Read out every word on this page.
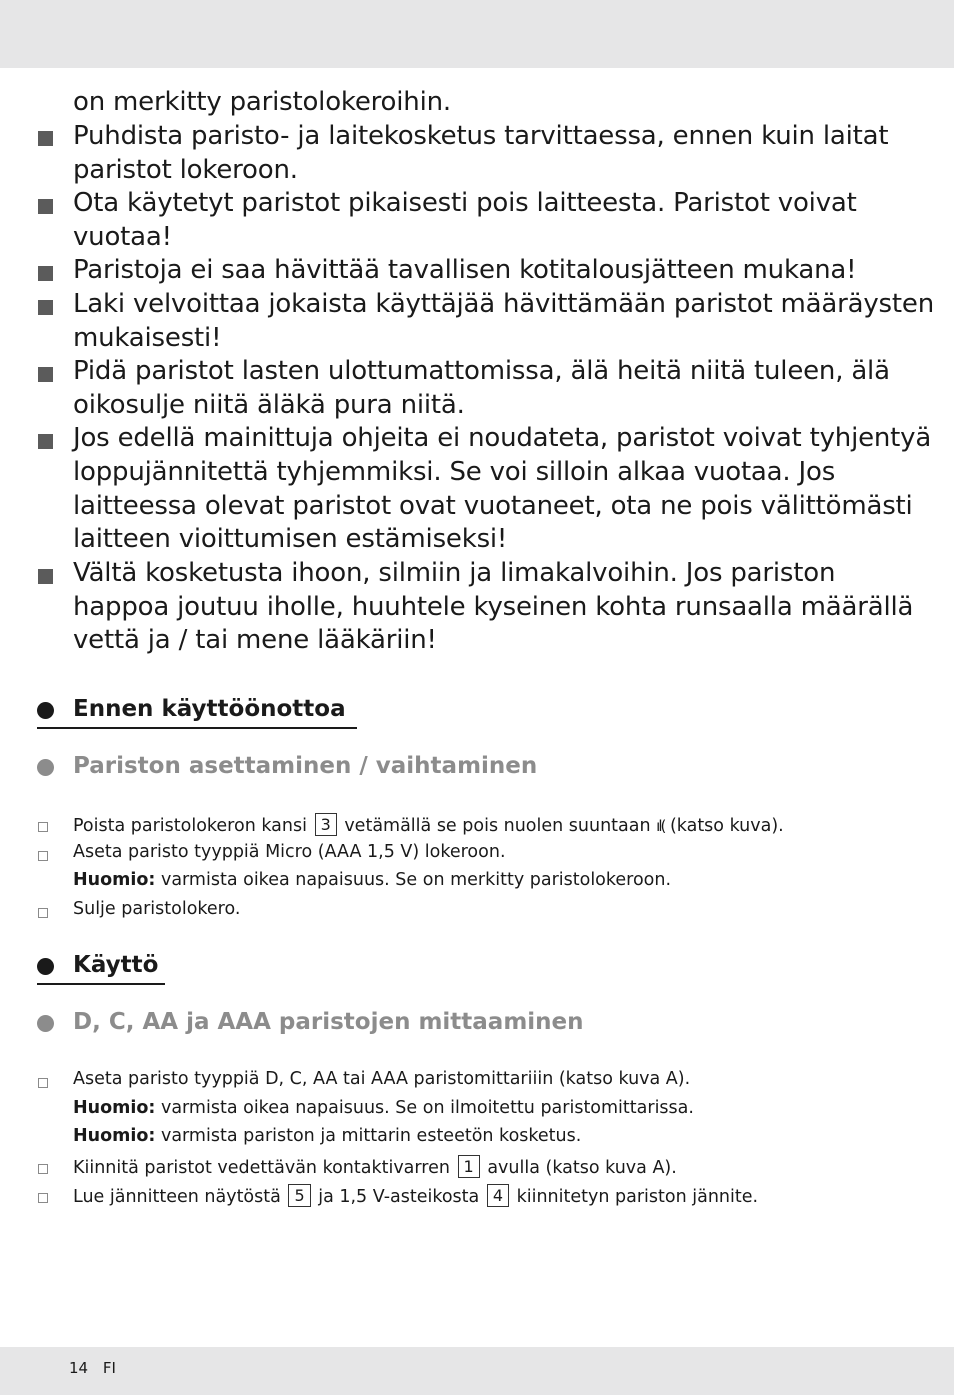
on merkitty paristolokeroihin.
Puhdista paristo- ja laitekosketus tarvittaessa, ennen kuin laitat
paristot lokeroon.
Ota käytetyt paristot pikaisesti pois laitteesta. Paristot voivat
vuotaa!
Paristoja ei saa hävittää tavallisen kotitalousjätteen mukana!
Laki velvoittaa jokaista käyttäjää hävittämään paristot määräysten
mukaisesti!
Pidä paristot lasten ulottumattomissa, älä heitä niitä tuleen, älä
oikosulje niitä äläkä pura niitä.
Jos edellä mainittuja ohjeita ei noudateta, paristot voivat tyhjentyä
loppujännitettä tyhjemmiksi. Se voi silloin alkaa vuotaa. Jos
laitteessa olevat paristot ovat vuotaneet, ota ne pois välittömästi
laitteen vioittumisen estämiseksi!
Vältä kosketusta ihoon, silmiin ja limakalvoihin. Jos pariston
happoa joutuu iholle, huuhtele kyseinen kohta runsaalla määrällä
vettä ja / tai mene lääkäriin!
Ennen käyttöönottoa
Pariston asettaminen / vaihtaminen
Poista paristolokeron kansi 3 vetämällä se pois nuolen suuntaan ıl( (katso kuva).
Aseta paristo tyyppiä Micro (AAA 1,5 V) lokeroon.
Huomio: varmista oikea napaisuus. Se on merkitty paristolokeroon.
Sulje paristolokero.
Käyttö
D, C, AA ja AAA paristojen mittaaminen
Aseta paristo tyyppiä D, C, AA tai AAA paristomittariiin (katso kuva A).
Huomio: varmista oikea napaisuus. Se on ilmoitettu paristomittarissa.
Huomio: varmista pariston ja mittarin esteetön kosketus.
Kiinnitä paristot vedettävän kontaktivarren 1 avulla (katso kuva A).
Lue jännitteen näytöstä 5 ja 1,5 V-asteikosta 4 kiinnitetyn pariston jännite.
14 FI
